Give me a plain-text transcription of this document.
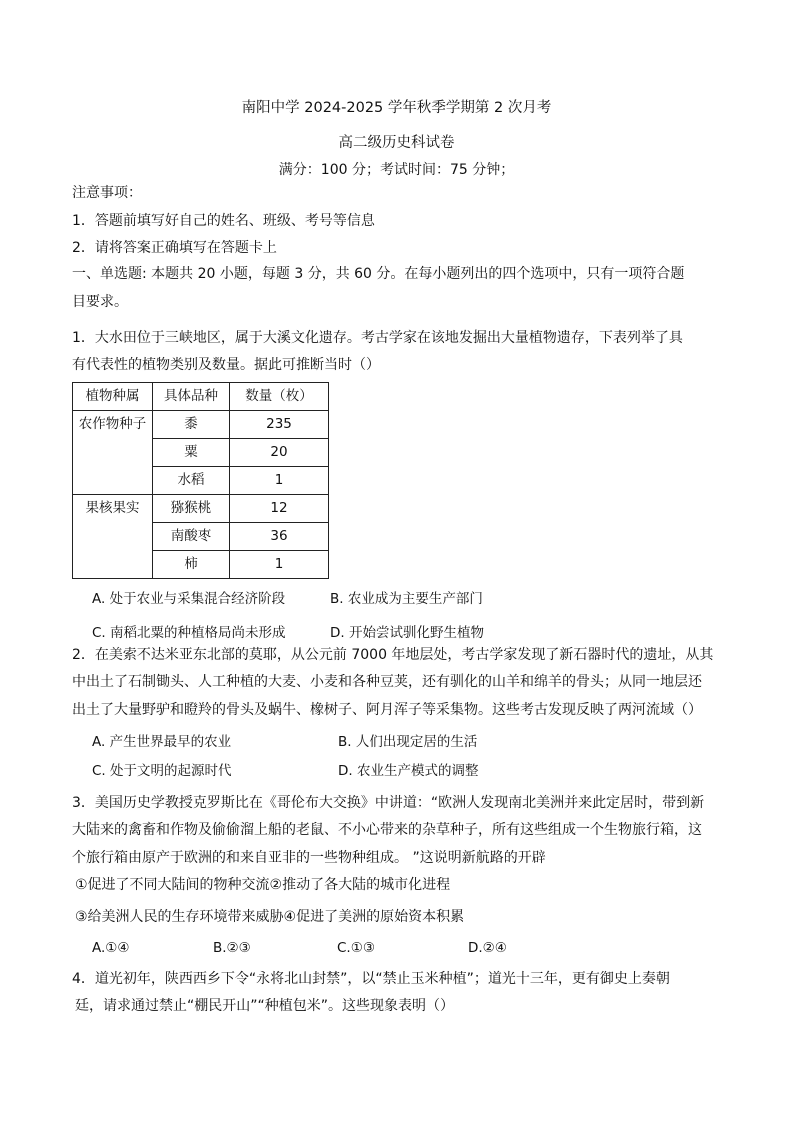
南阳中学 2024-2025 学年秋季学期第 2 次月考
高二级历史科试卷
满分：100 分；考试时间：75 分钟；
注意事项：
1．答题前填写好自己的姓名、班级、考号等信息
2．请将答案正确填写在答题卡上
一、单选题: 本题共 20 小题，每题 3 分，共 60 分。在每小题列出的四个选项中，只有一项符合题
目要求。
1．大水田位于三峡地区，属于大溪文化遗存。考古学家在该地发掘出大量植物遗存，下表列举了具
有代表性的植物类别及数量。据此可推断当时（）
植物种属	具体品种	数量（枚）
农作物种子	黍	235
	粟	20
	水稻	1
果核果实	猕猴桃	12
	南酸枣	36
	柿	1
A. 处于农业与采集混合经济阶段	B. 农业成为主要生产部门
C. 南稻北粟的种植格局尚未形成	D. 开始尝试驯化野生植物
2．在美索不达米亚东北部的莫耶，从公元前 7000 年地层处，考古学家发现了新石器时代的遗址，从其
中出土了石制锄头、人工种植的大麦、小麦和各种豆荚，还有驯化的山羊和绵羊的骨头；从同一地层还
出土了大量野驴和瞪羚的骨头及蜗牛、橡树子、阿月浑子等采集物。这些考古发现反映了两河流域（）
A. 产生世界最早的农业	B. 人们出现定居的生活
C. 处于文明的起源时代	D. 农业生产模式的调整
3．美国历史学教授克罗斯比在《哥伦布大交换》中讲道：“欧洲人发现南北美洲并来此定居时，带到新
大陆来的禽畜和作物及偷偷溜上船的老鼠、不小心带来的杂草种子，所有这些组成一个生物旅行箱，这
个旅行箱由原产于欧洲的和来自亚非的一些物种组成。 ”这说明新航路的开辟
①促进了不同大陆间的物种交流②推动了各大陆的城市化进程
③给美洲人民的生存环境带来威胁④促进了美洲的原始资本积累
A.①④	B.②③	C.①③	D.②④
4．道光初年，陕西西乡下令“永将北山封禁”，以“禁止玉米种植”；道光十三年，更有御史上奏朝
廷，请求通过禁止“棚民开山”“种植包米”。这些现象表明（）
